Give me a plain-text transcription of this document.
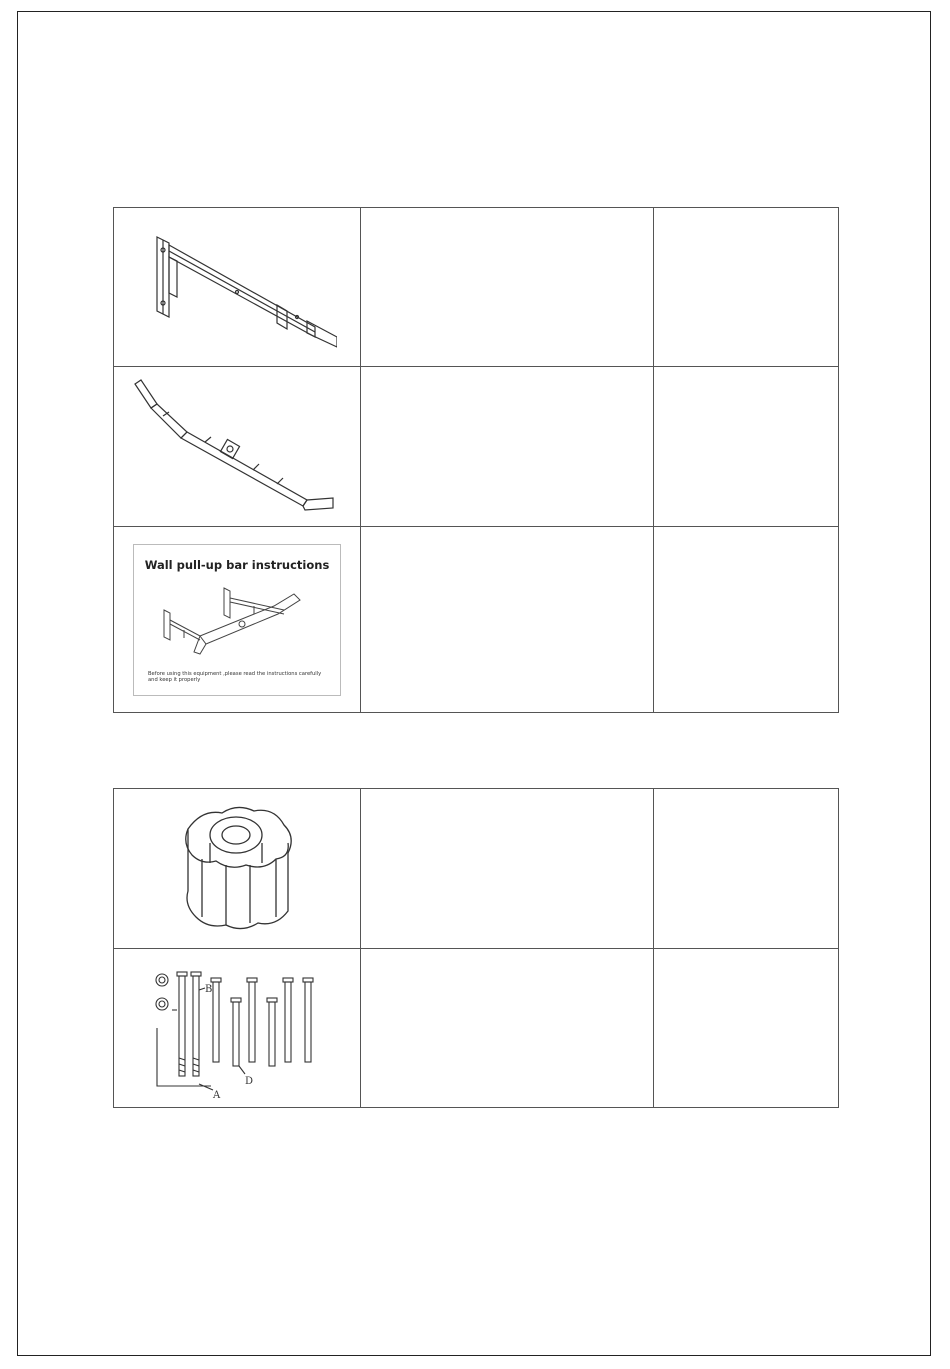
Wall pull-up bar instructions
Before using this equipment ,please read the instructions carefully and keep it properly		

B
A
D		
